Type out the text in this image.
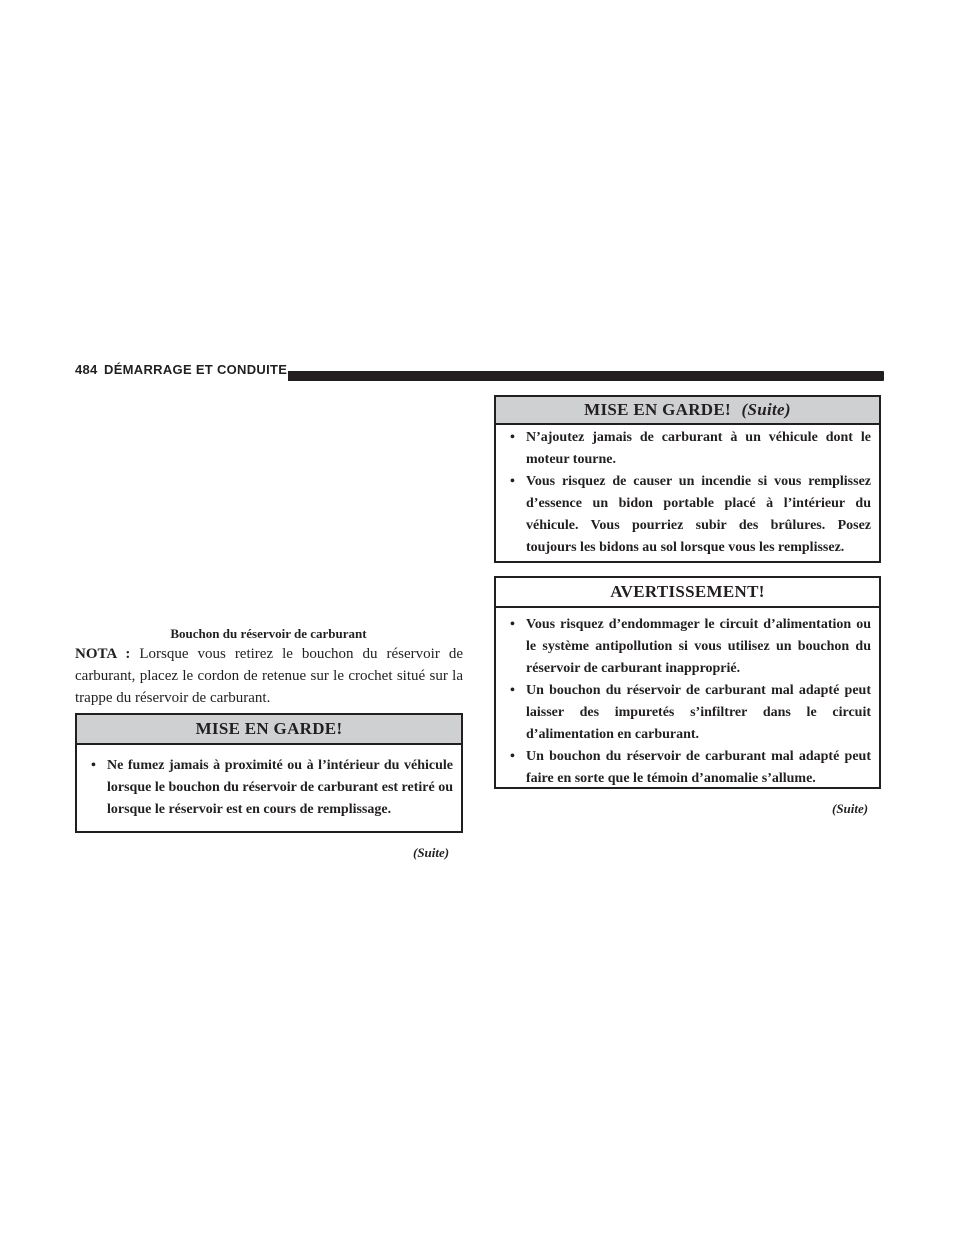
484 DÉMARRAGE ET CONDUITE
Bouchon du réservoir de carburant
NOTA : Lorsque vous retirez le bouchon du réservoir de carburant, placez le cordon de retenue sur le crochet situé sur la trappe du réservoir de carburant.
MISE EN GARDE!
• Ne fumez jamais à proximité ou à l’intérieur du véhicule lorsque le bouchon du réservoir de carburant est retiré ou lorsque le réservoir est en cours de remplissage.
(Suite)
MISE EN GARDE! (Suite)
• N’ajoutez jamais de carburant à un véhicule dont le moteur tourne.
• Vous risquez de causer un incendie si vous remplissez d’essence un bidon portable placé à l’intérieur du véhicule. Vous pourriez subir des brûlures. Posez toujours les bidons au sol lorsque vous les remplissez.
AVERTISSEMENT!
• Vous risquez d’endommager le circuit d’alimentation ou le système antipollution si vous utilisez un bouchon du réservoir de carburant inapproprié.
• Un bouchon du réservoir de carburant mal adapté peut laisser des impuretés s’infiltrer dans le circuit d’alimentation en carburant.
• Un bouchon du réservoir de carburant mal adapté peut faire en sorte que le témoin d’anomalie s’allume.
(Suite)
